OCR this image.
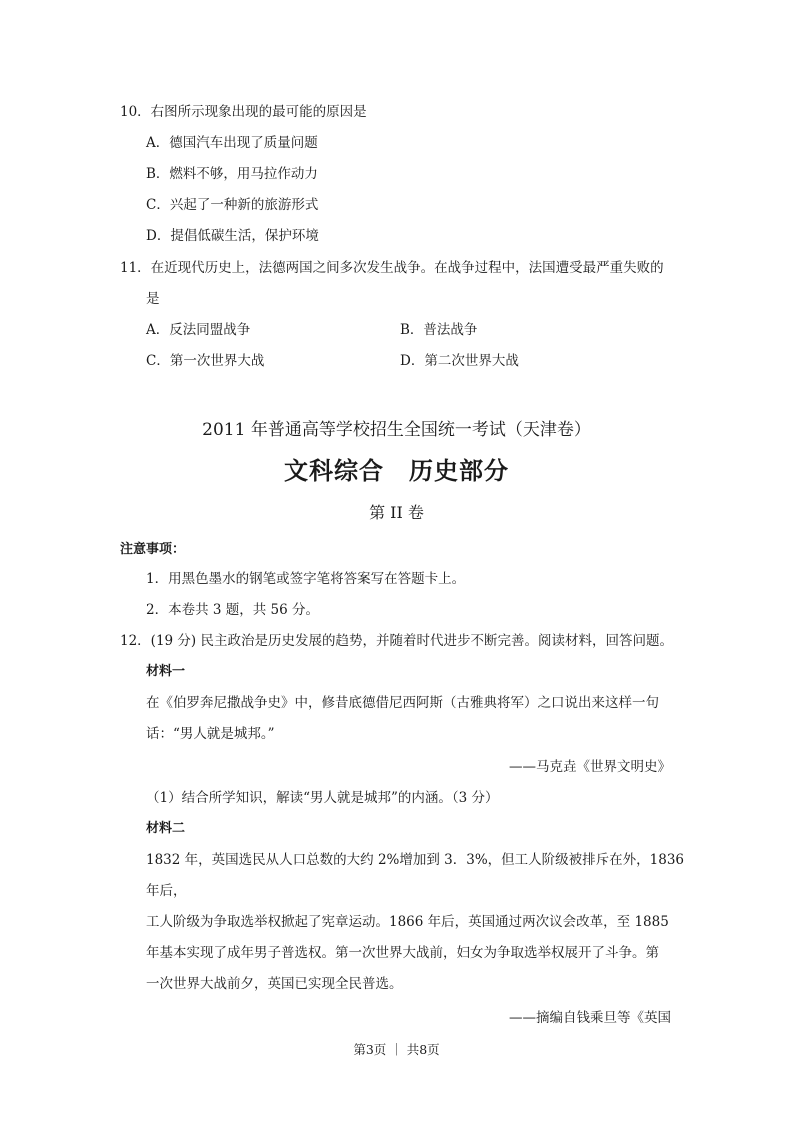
10．右图所示现象出现的最可能的原因是
A．德国汽车出现了质量问题
B．燃料不够，用马拉作动力
C．兴起了一种新的旅游形式
D．提倡低碳生活，保护环境
11．在近现代历史上，法德两国之间多次发生战争。在战争过程中，法国遭受最严重失败的
是
A．反法同盟战争	B．普法战争
C．第一次世界大战	D．第二次世界大战
2011 年普通高等学校招生全国统一考试（天津卷）
文科综合　历史部分
第 II 卷
注意事项：
1．用黑色墨水的钢笔或签字笔将答案写在答题卡上。
2．本卷共 3 题，共 56 分。
12．(19 分) 民主政治是历史发展的趋势，并随着时代进步不断完善。阅读材料，回答问题。
材料一
在《伯罗奔尼撒战争史》中，修昔底德借尼西阿斯（古雅典将军）之口说出来这样一句
话：“男人就是城邦。”
——马克垚《世界文明史》
（1）结合所学知识，解读“男人就是城邦”的内涵。（3 分）
材料二
1832 年，英国选民从人口总数的大约 2%增加到 3．3%，但工人阶级被排斥在外，1836
年后，
工人阶级为争取选举权掀起了宪章运动。1866 年后，英国通过两次议会改革，至 1885
年基本实现了成年男子普选权。第一次世界大战前，妇女为争取选举权展开了斗争。第
一次世界大战前夕，英国已实现全民普选。
——摘编自钱乘旦等《英国
第3页 ｜ 共8页
